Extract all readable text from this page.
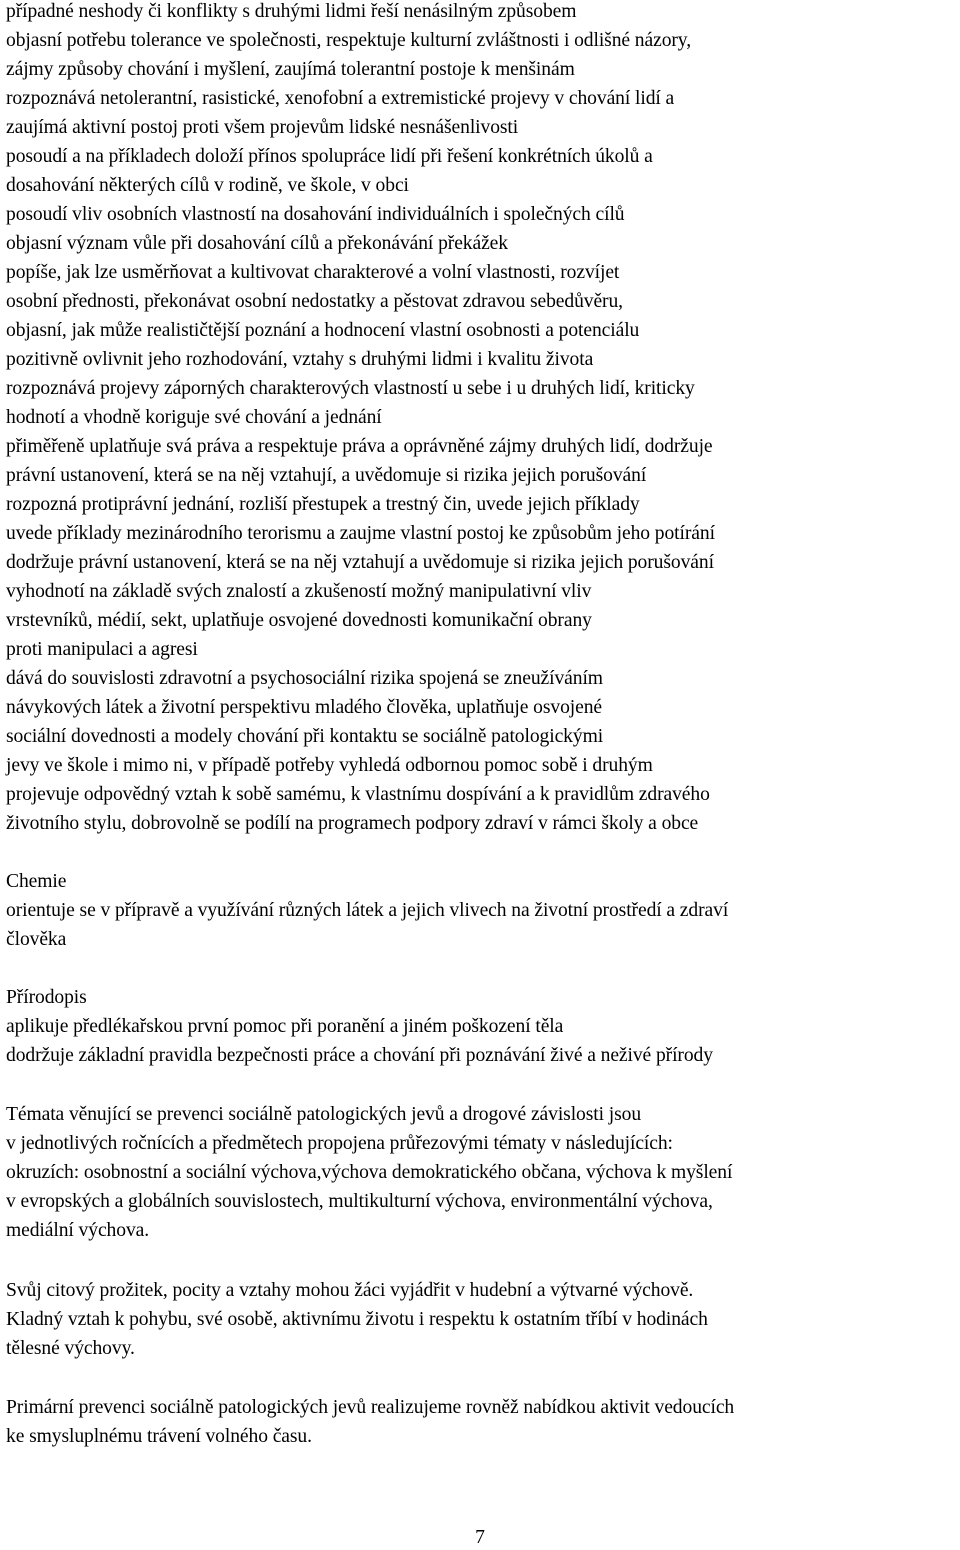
případné neshody či konflikty s druhými lidmi řeší nenásilným způsobem
objasní potřebu tolerance ve společnosti, respektuje kulturní zvláštnosti i odlišné názory,
zájmy způsoby chování i myšlení, zaujímá tolerantní postoje k menšinám
rozpoznává netolerantní, rasistické, xenofobní a extremistické projevy v chování lidí a
zaujímá aktivní postoj proti všem projevům lidské nesnášenlivosti
posoudí a na příkladech doloží přínos spolupráce lidí při řešení konkrétních úkolů a
dosahování některých cílů v rodině, ve škole, v obci
posoudí vliv osobních vlastností na dosahování individuálních i společných cílů
objasní význam vůle při dosahování cílů a překonávání překážek
popíše, jak lze usměrňovat a kultivovat charakterové a volní vlastnosti, rozvíjet
osobní přednosti, překonávat osobní nedostatky a pěstovat zdravou sebedůvěru,
objasní, jak může realističtější poznání a hodnocení vlastní osobnosti a potenciálu
pozitivně ovlivnit jeho rozhodování, vztahy s druhými lidmi i kvalitu života
rozpoznává projevy záporných charakterových vlastností u sebe i u druhých lidí, kriticky
hodnotí a vhodně koriguje své chování a jednání
přiměřeně uplatňuje svá práva a respektuje práva a oprávněné zájmy druhých lidí, dodržuje
právní ustanovení, která se na něj vztahují, a uvědomuje si rizika jejich porušování
rozpozná protiprávní jednání, rozliší přestupek a trestný čin, uvede jejich příklady
uvede příklady mezinárodního terorismu a zaujme vlastní postoj ke způsobům jeho potírání
dodržuje právní ustanovení, která se na něj vztahují a uvědomuje si rizika jejich porušování
vyhodnotí na základě svých znalostí a zkušeností možný manipulativní vliv
vrstevníků, médií, sekt, uplatňuje osvojené dovednosti komunikační obrany
proti manipulaci a agresi
dává do souvislosti zdravotní a psychosociální rizika spojená se zneužíváním
návykových látek a životní perspektivu mladého člověka, uplatňuje osvojené
sociální dovednosti a modely chování při kontaktu se sociálně patologickými
jevy ve škole i mimo ni, v případě potřeby vyhledá odbornou pomoc sobě i druhým
projevuje odpovědný vztah k sobě samému, k vlastnímu dospívání a k pravidlům zdravého
životního stylu, dobrovolně se podílí na programech podpory zdraví v rámci školy a obce
Chemie
orientuje se v přípravě a využívání různých látek a jejich vlivech na životní prostředí a zdraví
člověka
Přírodopis
aplikuje předlékařskou první pomoc při poranění a jiném poškození těla
dodržuje základní pravidla bezpečnosti práce a chování při poznávání živé a neživé přírody
Témata věnující se prevenci sociálně patologických jevů a drogové závislosti jsou
v jednotlivých ročnících a předmětech propojena průřezovými tématy v následujících:
okruzích: osobnostní a sociální výchova,výchova demokratického občana, výchova k myšlení
v evropských a globálních souvislostech, multikulturní výchova, environmentální výchova,
mediální výchova.
Svůj citový prožitek, pocity a vztahy mohou žáci vyjádřit v hudební a výtvarné výchově.
Kladný vztah k pohybu, své osobě, aktivnímu životu i respektu k ostatním tříbí v hodinách
tělesné výchovy.
Primární prevenci sociálně patologických jevů realizujeme rovněž nabídkou aktivit vedoucích
ke smysluplnému trávení volného času.
7
